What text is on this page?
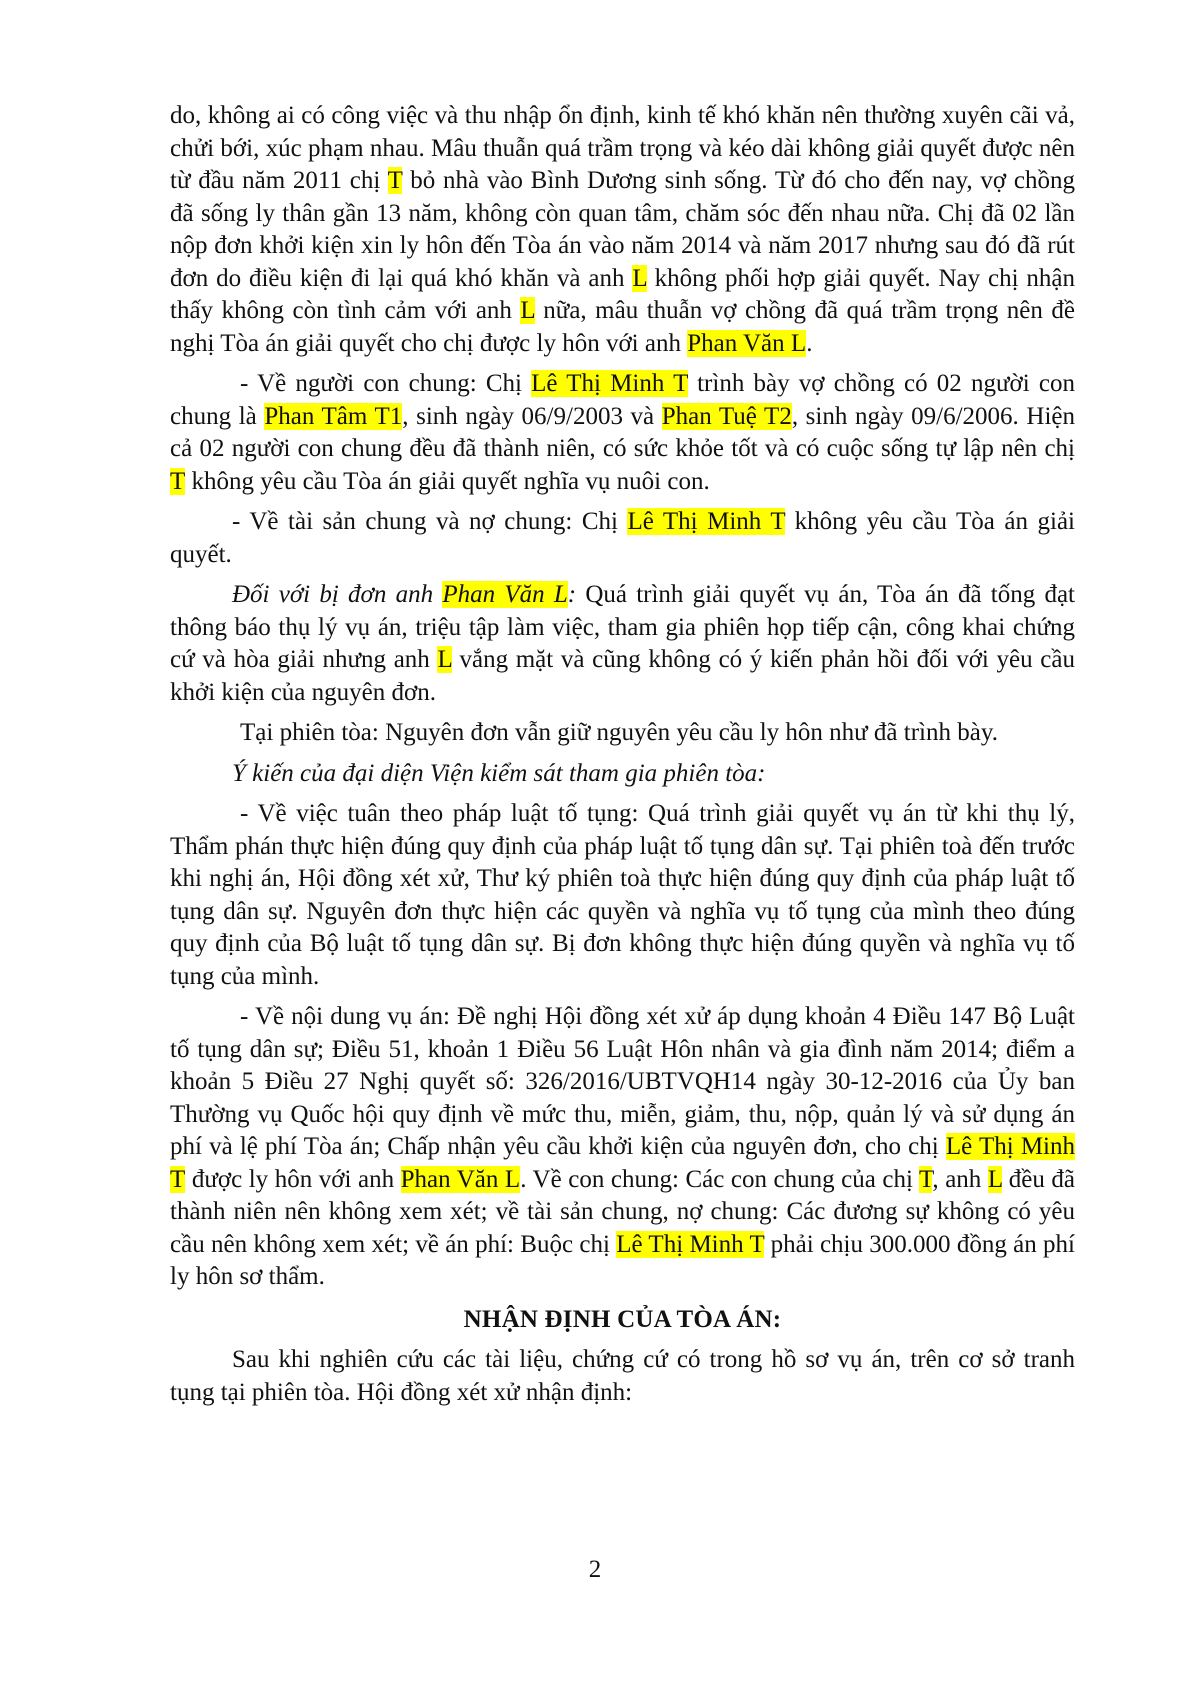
do, không ai có công việc và thu nhập ổn định, kinh tế khó khăn nên thường xuyên cãi vả, chửi bới, xúc phạm nhau. Mâu thuẫn quá trầm trọng và kéo dài không giải quyết được nên từ đầu năm 2011 chị T bỏ nhà vào Bình Dương sinh sống. Từ đó cho đến nay, vợ chồng đã sống ly thân gần 13 năm, không còn quan tâm, chăm sóc đến nhau nữa. Chị đã 02 lần nộp đơn khởi kiện xin ly hôn đến Tòa án vào năm 2014 và năm 2017 nhưng sau đó đã rút đơn do điều kiện đi lại quá khó khăn và anh L không phối hợp giải quyết. Nay chị nhận thấy không còn tình cảm với anh L nữa, mâu thuẫn vợ chồng đã quá trầm trọng nên đề nghị Tòa án giải quyết cho chị được ly hôn với anh Phan Văn L.

- Về người con chung: Chị Lê Thị Minh T trình bày vợ chồng có 02 người con chung là Phan Tâm T1, sinh ngày 06/9/2003 và Phan Tuệ T2, sinh ngày 09/6/2006. Hiện cả 02 người con chung đều đã thành niên, có sức khỏe tốt và có cuộc sống tự lập nên chị T không yêu cầu Tòa án giải quyết nghĩa vụ nuôi con.

- Về tài sản chung và nợ chung: Chị Lê Thị Minh T không yêu cầu Tòa án giải quyết.

Đối với bị đơn anh Phan Văn L: Quá trình giải quyết vụ án, Tòa án đã tống đạt thông báo thụ lý vụ án, triệu tập làm việc, tham gia phiên họp tiếp cận, công khai chứng cứ và hòa giải nhưng anh L vắng mặt và cũng không có ý kiến phản hồi đối với yêu cầu khởi kiện của nguyên đơn.

Tại phiên tòa: Nguyên đơn vẫn giữ nguyên yêu cầu ly hôn như đã trình bày.

Ý kiến của đại diện Viện kiểm sát tham gia phiên tòa:

- Về việc tuân theo pháp luật tố tụng: Quá trình giải quyết vụ án từ khi thụ lý, Thẩm phán thực hiện đúng quy định của pháp luật tố tụng dân sự. Tại phiên toà đến trước khi nghị án, Hội đồng xét xử, Thư ký phiên toà thực hiện đúng quy định của pháp luật tố tụng dân sự. Nguyên đơn thực hiện các quyền và nghĩa vụ tố tụng của mình theo đúng quy định của Bộ luật tố tụng dân sự. Bị đơn không thực hiện đúng quyền và nghĩa vụ tố tụng của mình.

- Về nội dung vụ án: Đề nghị Hội đồng xét xử áp dụng khoản 4 Điều 147 Bộ Luật tố tụng dân sự; Điều 51, khoản 1 Điều 56 Luật Hôn nhân và gia đình năm 2014; điểm a khoản 5 Điều 27 Nghị quyết số: 326/2016/UBTVQH14 ngày 30-12-2016 của Ủy ban Thường vụ Quốc hội quy định về mức thu, miễn, giảm, thu, nộp, quản lý và sử dụng án phí và lệ phí Tòa án; Chấp nhận yêu cầu khởi kiện của nguyên đơn, cho chị Lê Thị Minh T được ly hôn với anh Phan Văn L. Về con chung: Các con chung của chị T, anh L đều đã thành niên nên không xem xét; về tài sản chung, nợ chung: Các đương sự không có yêu cầu nên không xem xét; về án phí: Buộc chị Lê Thị Minh T phải chịu 300.000 đồng án phí ly hôn sơ thẩm.

NHẬN ĐỊNH CỦA TÒA ÁN:

Sau khi nghiên cứu các tài liệu, chứng cứ có trong hồ sơ vụ án, trên cơ sở tranh tụng tại phiên tòa. Hội đồng xét xử nhận định:

2
